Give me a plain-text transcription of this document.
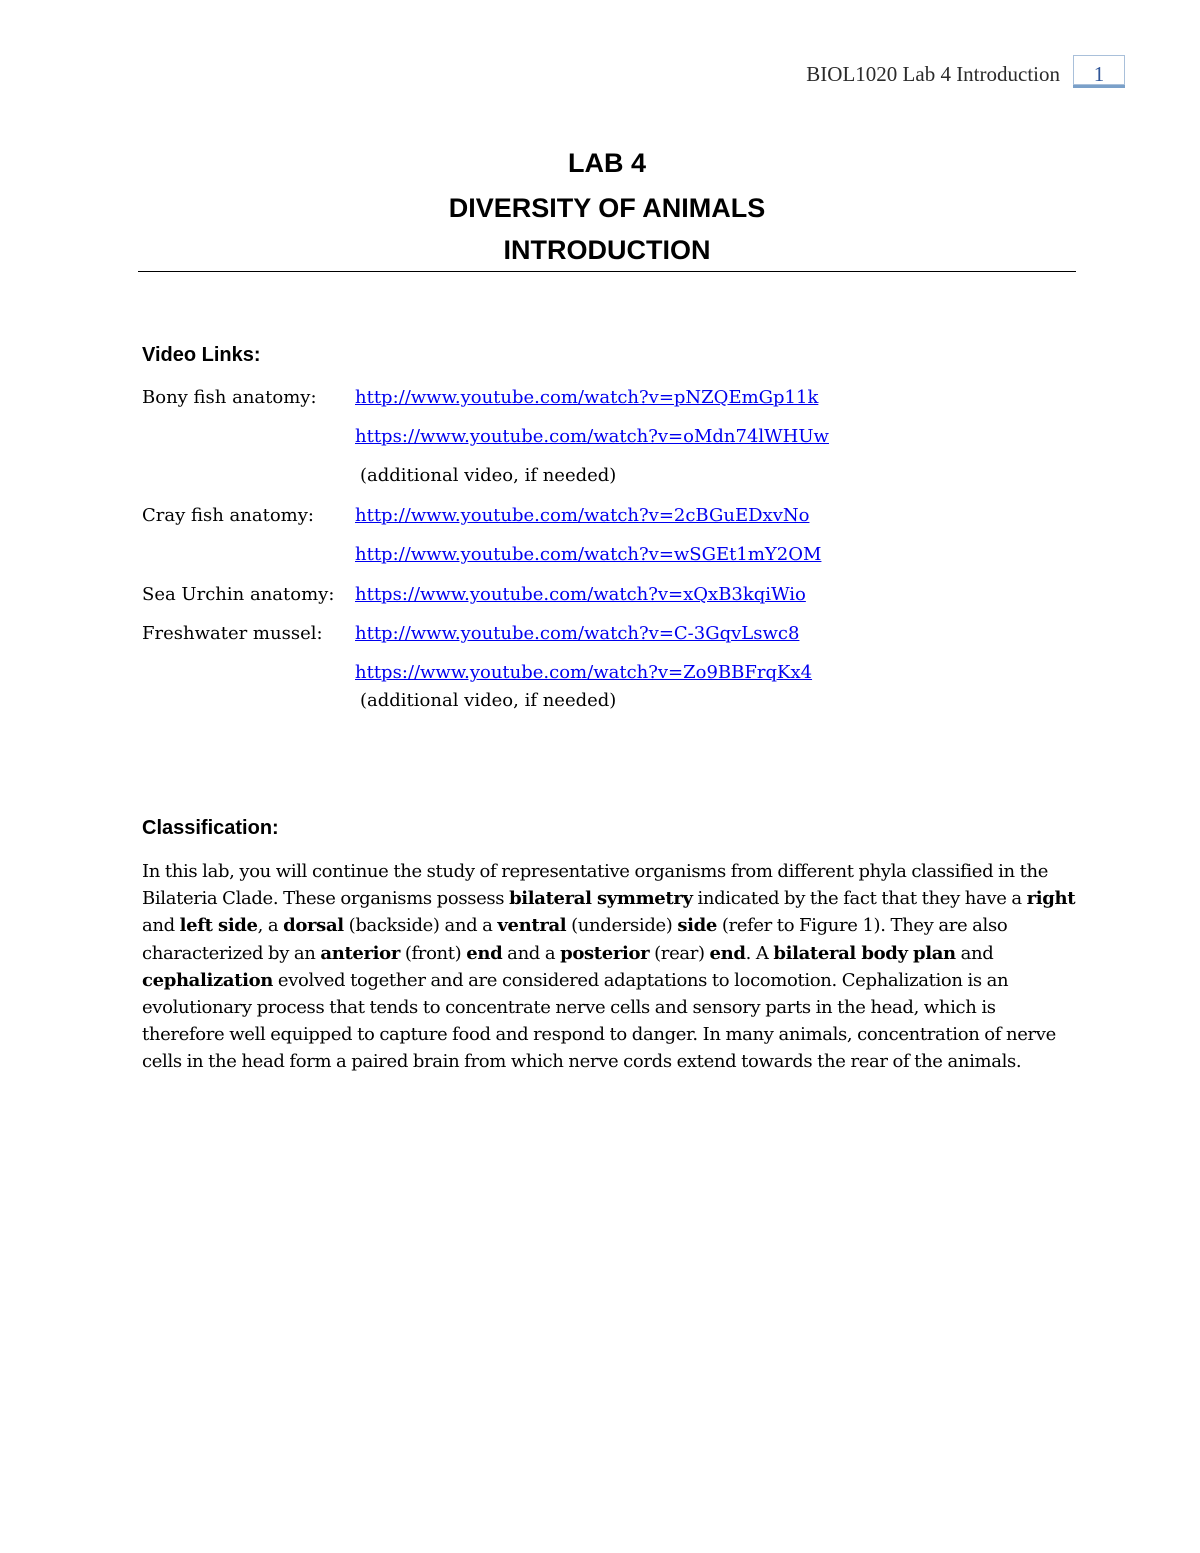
BIOL1020 Lab 4 Introduction	1
LAB 4
DIVERSITY OF ANIMALS
INTRODUCTION
Video Links:
Bony fish anatomy: http://www.youtube.com/watch?v=pNZQEmGp11k
https://www.youtube.com/watch?v=oMdn74lWHUw
(additional video, if needed)
Cray fish anatomy: http://www.youtube.com/watch?v=2cBGuEDxvNo
http://www.youtube.com/watch?v=wSGEt1mY2OM
Sea Urchin anatomy: https://www.youtube.com/watch?v=xQxB3kqiWio
Freshwater mussel: http://www.youtube.com/watch?v=C-3GqvLswc8
https://www.youtube.com/watch?v=Zo9BBFrqKx4
(additional video, if needed)
Classification:
In this lab, you will continue the study of representative organisms from different phyla classified in the Bilateria Clade. These organisms possess bilateral symmetry indicated by the fact that they have a right and left side, a dorsal (backside) and a ventral (underside) side (refer to Figure 1). They are also characterized by an anterior (front) end and a posterior (rear) end. A bilateral body plan and cephalization evolved together and are considered adaptations to locomotion. Cephalization is an evolutionary process that tends to concentrate nerve cells and sensory parts in the head, which is therefore well equipped to capture food and respond to danger. In many animals, concentration of nerve cells in the head form a paired brain from which nerve cords extend towards the rear of the animals.
